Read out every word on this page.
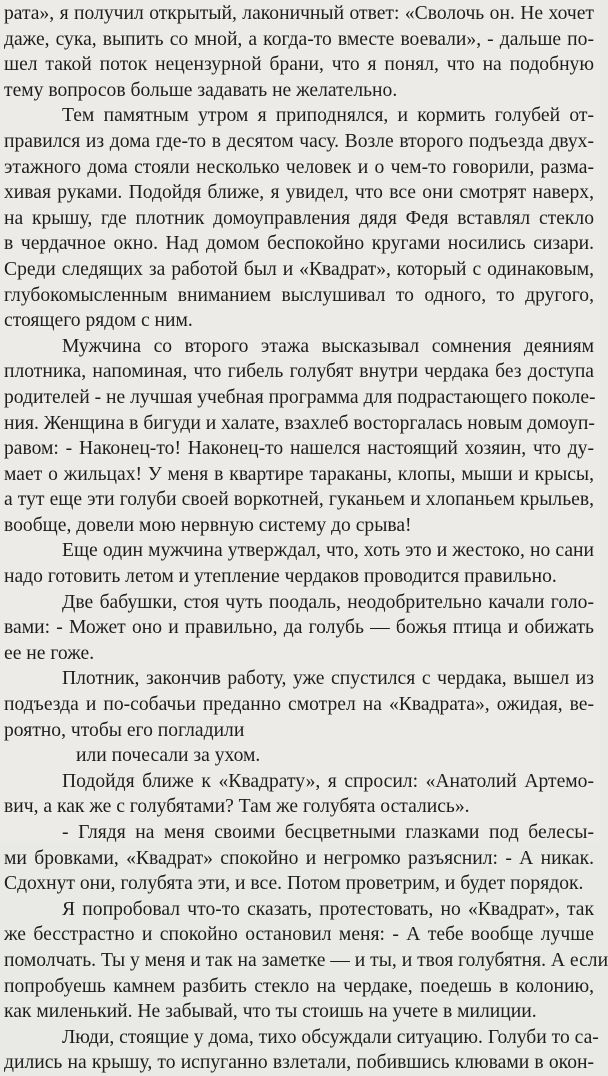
рата», я получил открытый, лаконичный ответ: «Сволочь он. Не хочет
даже, сука, выпить со мной, а когда-то вместе воевали», - дальше по-
шел такой поток нецензурной брани, что я понял, что на подобную
тему вопросов больше задавать не желательно.

Тем памятным утром я приподнялся, и кормить голубей от-
правился из дома где-то в десятом часу. Возле второго подъезда двух-
этажного дома стояли несколько человек и о чем-то говорили, разма-
хивая руками. Подойдя ближе, я увидел, что все они смотрят наверх,
на крышу, где плотник домоуправления дядя Федя вставлял стекло
в чердачное окно. Над домом беспокойно кругами носились сизари.
Среди следящих за работой был и «Квадрат», который с одинаковым,
глубокомысленным вниманием выслушивал то одного, то другого,
стоящего рядом с ним.

Мужчина со второго этажа высказывал сомнения деяниям
плотника, напоминая, что гибель голубят внутри чердака без доступа
родителей - не лучшая учебная программа для подрастающего поколе-
ния. Женщина в бигуди и халате, взахлеб восторгалась новым домоуп-
равом: - Наконец-то! Наконец-то нашелся настоящий хозяин, что ду-
мает о жильцах! У меня в квартире тараканы, клопы, мыши и крысы,
а тут еще эти голуби своей воркотней, гуканьем и хлопаньем крыльев,
вообще, довели мою нервную систему до срыва!

Еще один мужчина утверждал, что, хоть это и жестоко, но сани
надо готовить летом и утепление чердаков проводится правильно.

Две бабушки, стоя чуть поодаль, неодобрительно качали голо-
вами: - Может оно и правильно, да голубь — божья птица и обижать
ее не гоже.

Плотник, закончив работу, уже спустился с чердака, вышел из
подъезда и по-собачьи преданно смотрел на «Квадрата», ожидая, ве-
роятно, чтобы его погладили
или почесали за ухом.

Подойдя ближе к «Квадрату», я спросил: «Анатолий Артемо-
вич, а как же с голубятами? Там же голубята остались».

- Глядя на меня своими бесцветными глазками под белесы-
ми бровками, «Квадрат» спокойно и негромко разъяснил: - А никак.
Сдохнут они, голубята эти, и все. Потом проветрим, и будет порядок.

Я попробовал что-то сказать, протестовать, но «Квадрат», так
же бесстрастно и спокойно остановил меня: - А тебе вообще лучше
помолчать. Ты у меня и так на заметке — и ты, и твоя голубятня. А если
попробуешь камнем разбить стекло на чердаке, поедешь в колонию,
как миленький. Не забывай, что ты стоишь на учете в милиции.

Люди, стоящие у дома, тихо обсуждали ситуацию. Голуби то са-
дились на крышу, то испуганно взлетали, побившись клювами в окон-
